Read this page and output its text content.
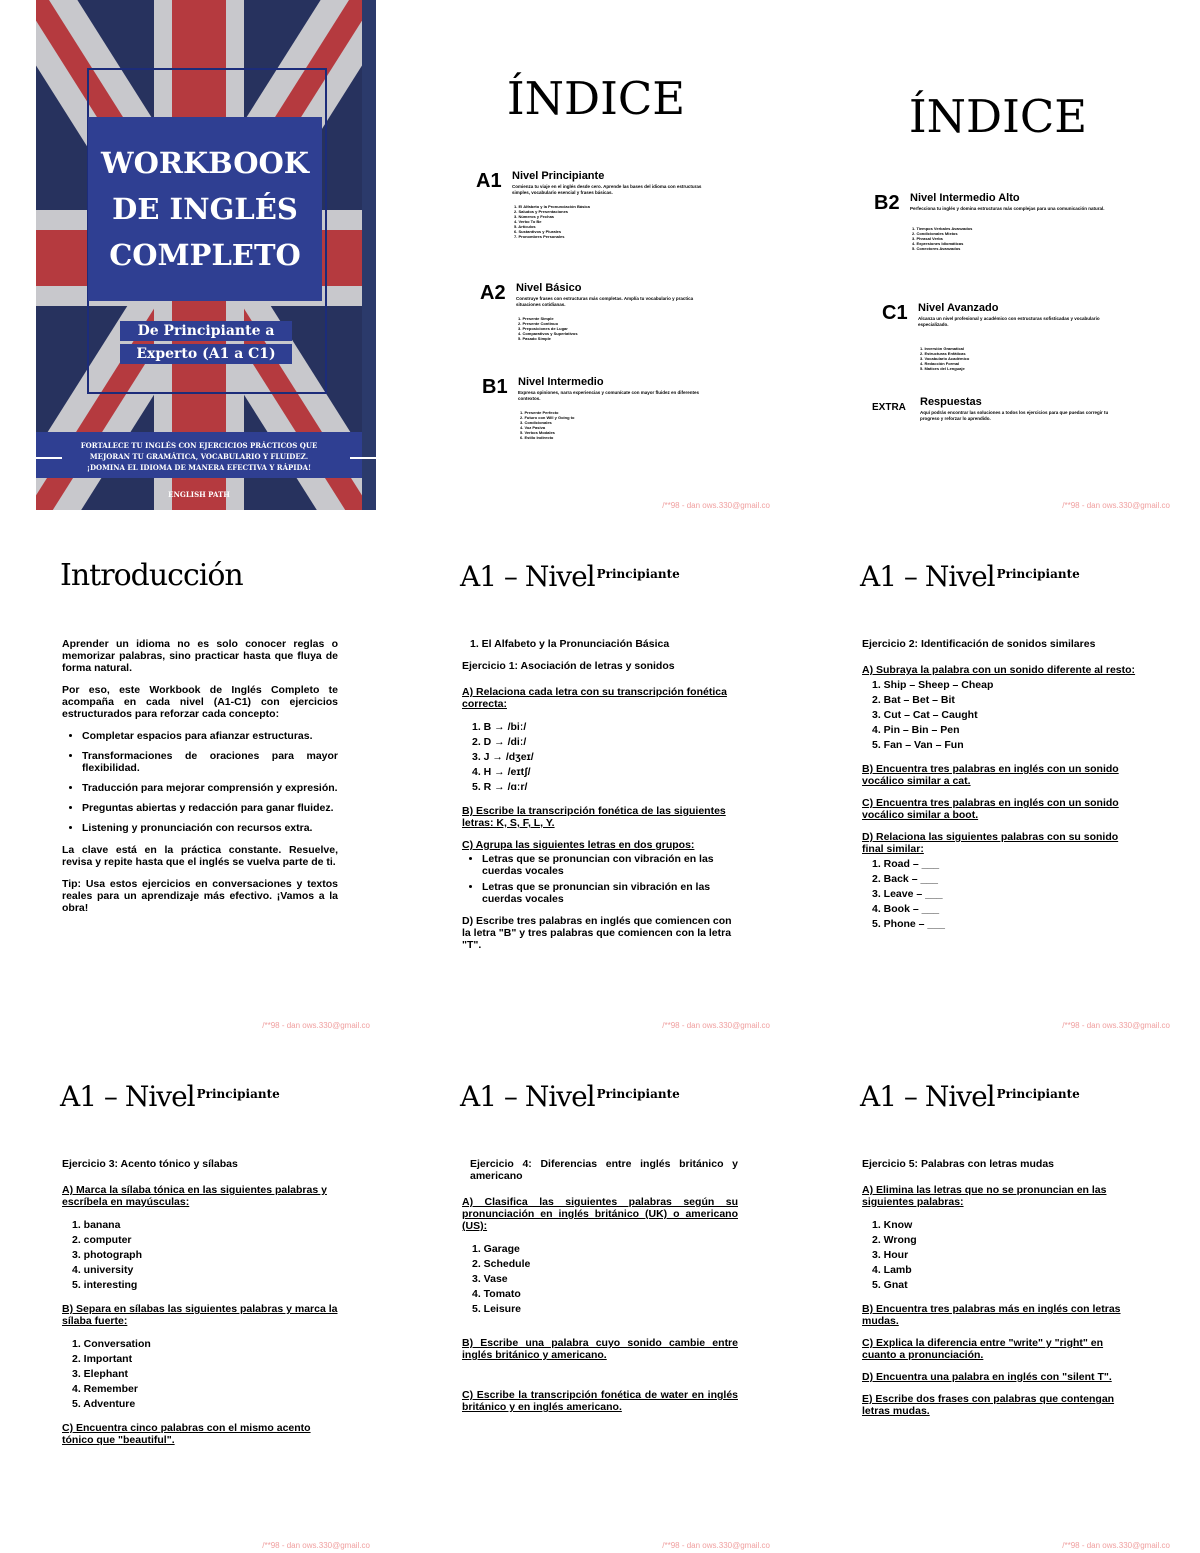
WORKBOOK
DE INGLÉS
COMPLETO
De Principiante a
Experto (A1 a C1)
FORTALECE TU INGLÉS CON EJERCICIOS PRÁCTICOS QUE
MEJORAN TU GRAMÁTICA, VOCABULARIO Y FLUIDEZ.
¡DOMINA EL IDIOMA DE MANERA EFECTIVA Y RÁPIDA!
ENGLISH PATH
ÍNDICE
A1 Nivel Principiante
Comienza tu viaje en el inglés desde cero. Aprende las bases del idioma con estructuras simples, vocabulario esencial y frases básicas.
1. El Alfabeto y la Pronunciación Básica
2. Saludos y Presentaciones
3. Números y Fechas
4. Verbo To Be
5. Artículos
6. Sustantivos y Plurales
7. Pronombres Personales
A2 Nivel Básico
Construye frases con estructuras más completas. Amplía tu vocabulario y practica situaciones cotidianas.
1. Presente Simple
2. Presente Continuo
3. Preposiciones de Lugar
4. Comparativos y Superlativos
5. Pasado Simple
B1 Nivel Intermedio
Expresa opiniones, narra experiencias y comunícate con mayor fluidez en diferentes contextos.
1. Presente Perfecto
2. Futuro con Will y Going to
3. Condicionales
4. Voz Pasiva
5. Verbos Modales
6. Estilo Indirecto
/**98 - dan ows.330@gmail.co
ÍNDICE
B2 Nivel Intermedio Alto
Perfecciona tu inglés y domina estructuras más complejas para una comunicación natural.
1. Tiempos Verbales Avanzados
2. Condicionales Mixtos
3. Phrasal Verbs
4. Expresiones Idiomáticas
5. Conectores Avanzados
C1 Nivel Avanzado
Alcanza un nivel profesional y académico con estructuras sofisticadas y vocabulario especializado.
1. Inversión Gramatical
2. Estructuras Enfáticas
3. Vocabulario Académico
4. Redacción Formal
5. Matices del Lenguaje
EXTRA Respuestas
Aquí podrás encontrar las soluciones a todos los ejercicios para que puedas corregir tu progreso y reforzar lo aprendido.
/**98 - dan ows.330@gmail.co
Introducción

Aprender un idioma no es solo conocer reglas o memorizar palabras, sino practicar hasta que fluya de forma natural.

Por eso, este Workbook de Inglés Completo te acompaña en cada nivel (A1-C1) con ejercicios estructurados para reforzar cada concepto:

• Completar espacios para afianzar estructuras.
• Transformaciones de oraciones para mayor flexibilidad.
• Traducción para mejorar comprensión y expresión.
• Preguntas abiertas y redacción para ganar fluidez.
• Listening y pronunciación con recursos extra.

La clave está en la práctica constante. Resuelve, revisa y repite hasta que el inglés se vuelva parte de ti.

Tip: Usa estos ejercicios en conversaciones y textos reales para un aprendizaje más efectivo. ¡Vamos a la obra!

/**98 - dan ows.330@gmail.co
A1 – Nivel $^{Principiante}$

1. El Alfabeto y la Pronunciación Básica

Ejercicio 1: Asociación de letras y sonidos

A) Relaciona cada letra con su transcripción fonética correcta:

1. B → /biː/
2. D → /diː/
3. J → /dʒeɪ/
4. H → /eɪtʃ/
5. R → /ɑːr/

B) Escribe la transcripción fonética de las siguientes letras: K, S, F, L, Y.

C) Agrupa las siguientes letras en dos grupos:

• Letras que se pronuncian con vibración en las cuerdas vocales
• Letras que se pronuncian sin vibración en las cuerdas vocales

D) Escribe tres palabras en inglés que comiencen con la letra "B" y tres palabras que comiencen con la letra "T".

/**98 - dan ows.330@gmail.co
A1 – Nivel $^{Principiante}$

Ejercicio 2: Identificación de sonidos similares

A) Subraya la palabra con un sonido diferente al resto:

1. Ship – Sheep – Cheap
2. Bat – Bet – Bit
3. Cut – Cat – Caught
4. Pin – Bin – Pen
5. Fan – Van – Fun

B) Encuentra tres palabras en inglés con un sonido vocálico similar a cat.

C) Encuentra tres palabras en inglés con un sonido vocálico similar a boot.

D) Relaciona las siguientes palabras con su sonido final similar:

1. Road – ___
2. Back – ___
3. Leave – ___
4. Book – ___
5. Phone – ___
/**98 - dan ows.330@gmail.co
A1 – Nivel $^{Principiante}$

Ejercicio 3: Acento tónico y sílabas

A) Marca la sílaba tónica en las siguientes palabras y escríbela en mayúsculas:

1. banana
2. computer
3. photograph
4. university
5. interesting

B) Separa en sílabas las siguientes palabras y marca la sílaba fuerte:

1. Conversation
2. Important
3. Elephant
4. Remember
5. Adventure

C) Encuentra cinco palabras con el mismo acento tónico que "beautiful".

/**98 - dan ows.330@gmail.co
A1 – Nivel $^{Principiante}$

Ejercicio 4: Diferencias entre inglés británico y americano

A) Clasifica las siguientes palabras según su pronunciación en inglés británico (UK) o americano (US):

1. Garage
2. Schedule
3. Vase
4. Tomato
5. Leisure

B) Escribe una palabra cuyo sonido cambie entre inglés británico y americano.

C) Escribe la transcripción fonética de water en inglés británico y en inglés americano.

/**98 - dan ows.330@gmail.co
A1 – Nivel $^{Principiante}$

Ejercicio 5: Palabras con letras mudas

A) Elimina las letras que no se pronuncian en las siguientes palabras:

1. Know
2. Wrong
3. Hour
4. Lamb
5. Gnat

B) Encuentra tres palabras más en inglés con letras mudas.

C) Explica la diferencia entre "write" y "right" en cuanto a pronunciación.

D) Encuentra una palabra en inglés con "silent T".

E) Escribe dos frases con palabras que contengan letras mudas.

/**98 - dan ows.330@gmail.co
